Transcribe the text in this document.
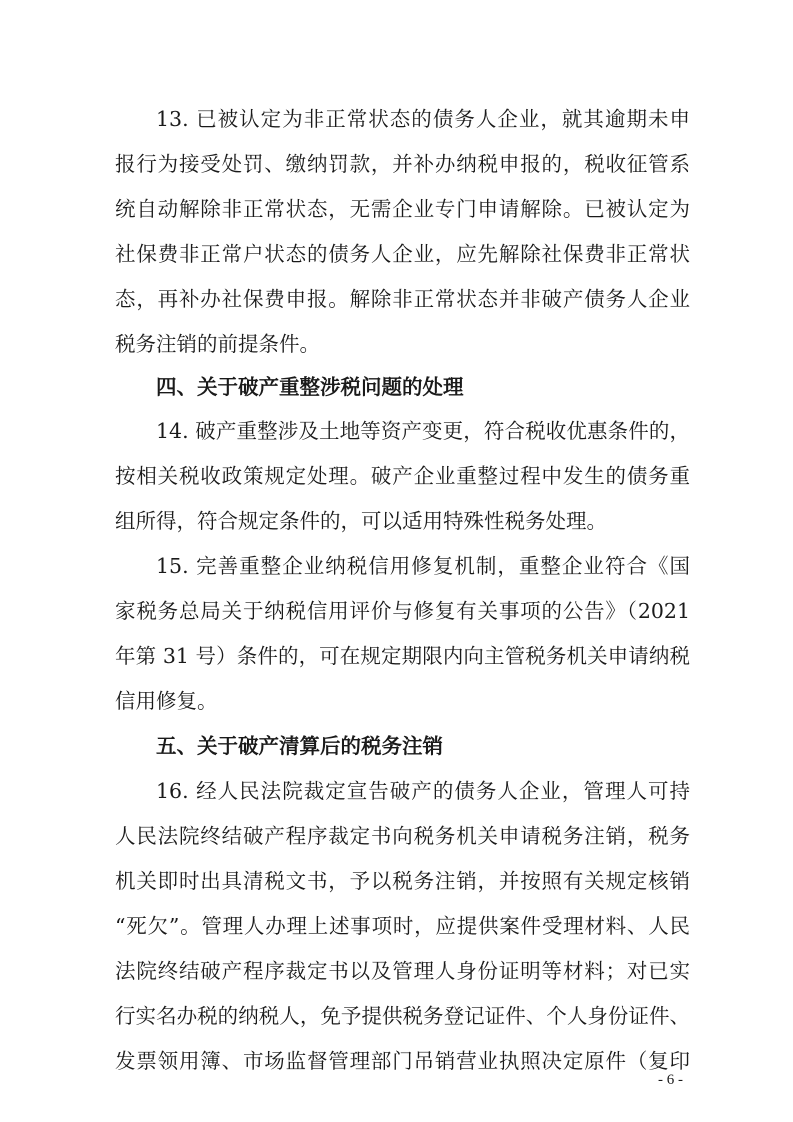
13. 已被认定为非正常状态的债务人企业，就其逾期未申
报行为接受处罚、缴纳罚款，并补办纳税申报的，税收征管系
统自动解除非正常状态，无需企业专门申请解除。已被认定为
社保费非正常户状态的债务人企业，应先解除社保费非正常状
态，再补办社保费申报。解除非正常状态并非破产债务人企业
税务注销的前提条件。
四、关于破产重整涉税问题的处理
14. 破产重整涉及土地等资产变更，符合税收优惠条件的，
按相关税收政策规定处理。破产企业重整过程中发生的债务重
组所得，符合规定条件的，可以适用特殊性税务处理。
15. 完善重整企业纳税信用修复机制，重整企业符合《国
家税务总局关于纳税信用评价与修复有关事项的公告》（2021
年第 31 号）条件的，可在规定期限内向主管税务机关申请纳税
信用修复。
五、关于破产清算后的税务注销
16. 经人民法院裁定宣告破产的债务人企业，管理人可持
人民法院终结破产程序裁定书向税务机关申请税务注销，税务
机关即时出具清税文书，予以税务注销，并按照有关规定核销
“死欠”。管理人办理上述事项时，应提供案件受理材料、人民
法院终结破产程序裁定书以及管理人身份证明等材料；对已实
行实名办税的纳税人，免予提供税务登记证件、个人身份证件、
发票领用簿、市场监督管理部门吊销营业执照决定原件（复印
- 6 -
